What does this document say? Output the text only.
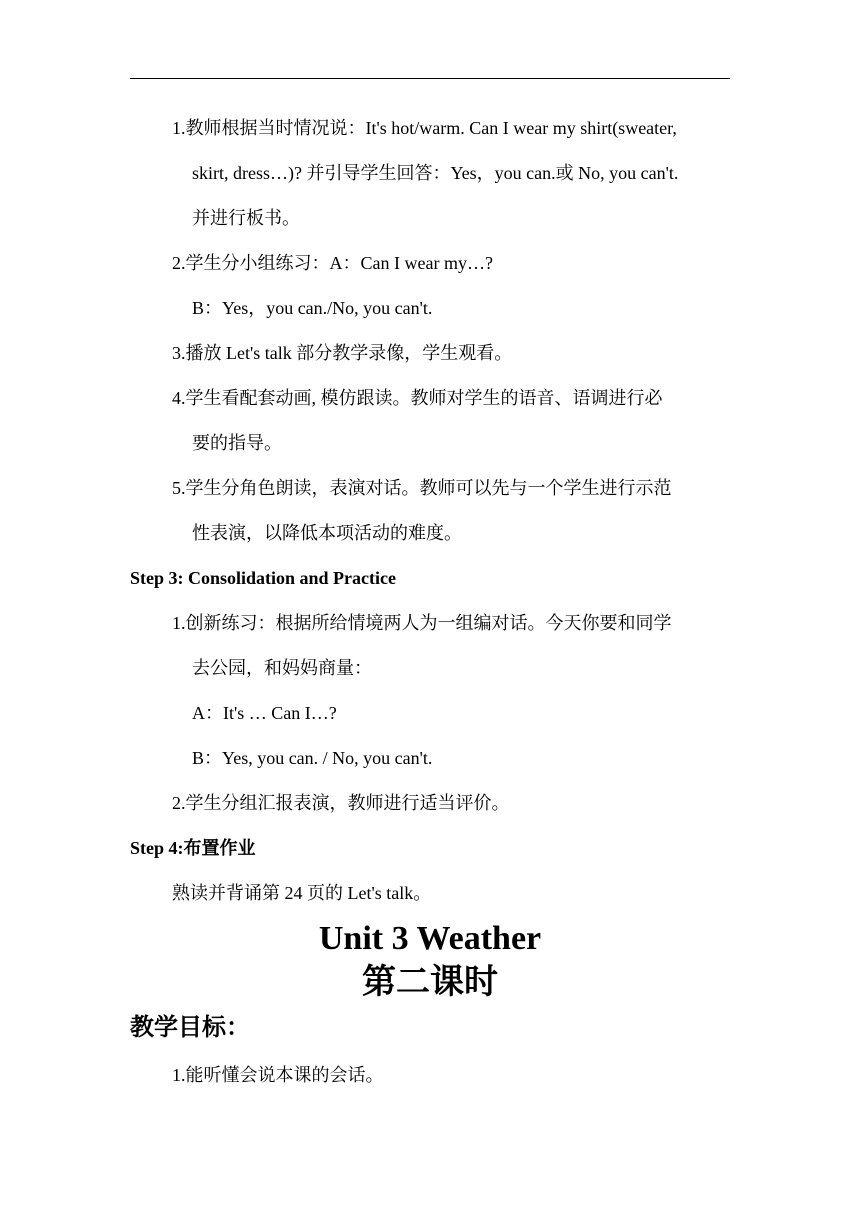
1.教师根据当时情况说：It's hot/warm. Can I wear my shirt(sweater,
skirt, dress…)? 并引导学生回答：Yes，you can.或 No, you can't.
并进行板书。
2.学生分小组练习：A：Can I wear my…?
B：Yes，you can./No, you can't.
3.播放 Let's talk 部分教学录像，学生观看。
4.学生看配套动画, 模仿跟读。教师对学生的语音、语调进行必
要的指导。
5.学生分角色朗读，表演对话。教师可以先与一个学生进行示范
性表演，以降低本项活动的难度。
Step 3: Consolidation and Practice
1.创新练习：根据所给情境两人为一组编对话。今天你要和同学
去公园，和妈妈商量：
A：It's … Can I…?
B：Yes, you can. / No, you can't.
2.学生分组汇报表演，教师进行适当评价。
Step 4:布置作业
熟读并背诵第 24 页的 Let's talk。
Unit 3 Weather
第二课时
教学目标：
1.能听懂会说本课的会话。
